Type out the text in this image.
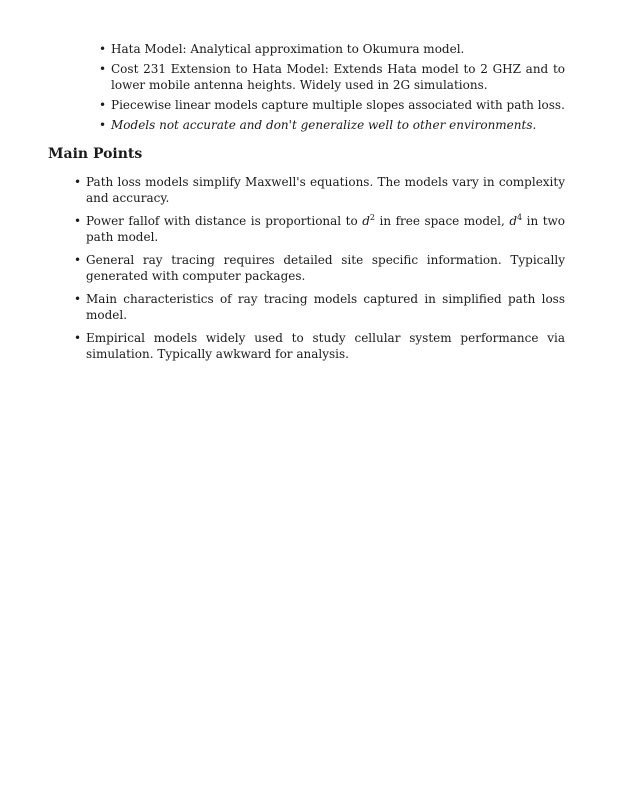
• Hata Model: Analytical approximation to Okumura model.
• Cost 231 Extension to Hata Model: Extends Hata model to 2 GHZ and to lower mobile antenna heights. Widely used in 2G simulations.
• Piecewise linear models capture multiple slopes associated with path loss.
• Models not accurate and don't generalize well to other environments.
Main Points
• Path loss models simplify Maxwell's equations. The models vary in complexity and accuracy.
• Power fallof with distance is proportional to $d^2$ in free space model, $d^4$ in two path model.
• General ray tracing requires detailed site specific information. Typically generated with computer packages.
• Main characteristics of ray tracing models captured in simplified path loss model.
• Empirical models widely used to study cellular system performance via simulation. Typically awkward for analysis.
